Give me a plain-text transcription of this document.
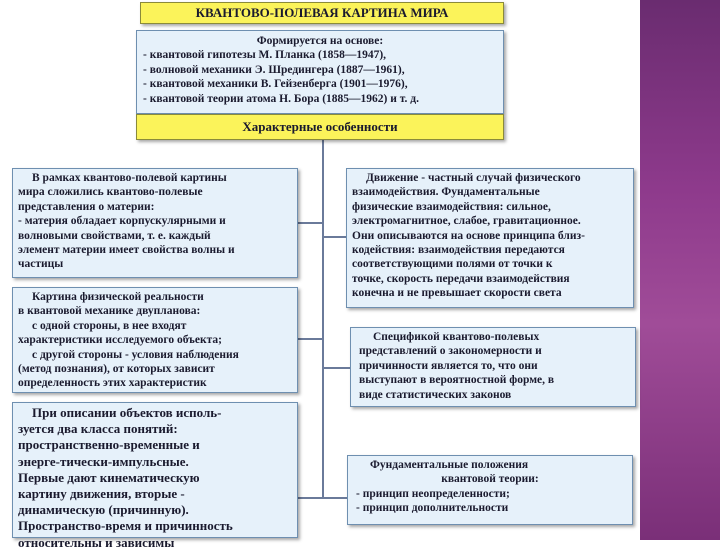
КВАНТОВО-ПОЛЕВАЯ КАРТИНА МИРА
Формируется на основе:
- квантовой гипотезы М. Планка (1858—1947),
- волновой механики Э. Шредингера (1887—1961),
- квантовой механики В. Гейзенберга (1901—1976),
- квантовой теории атома Н. Бора (1885—1962) и т. д.
Характерные особенности
В рамках квантово-полевой картины
мира сложились квантово-полевые
представления о материи:
- материя обладает корпускулярными и
волновыми свойствами, т. е. каждый
элемент материи имеет свойства волны и
частицы
Картина физической реальности
в квантовой механике двупланова:
с одной стороны, в нее входят
характеристики исследуемого объекта;
с другой стороны - условия наблюдения
(метод познания), от которых зависит
определенность этих характеристик
При описании объектов исполь-
зуется два класса понятий:
пространственно-временные и
энерге-тически-импульсные.
Первые дают кинематическую
картину движения, вторые -
динамическую (причинную).
Пространство-время и причинность
относительны и зависимы
Движение - частный случай физического
взаимодействия. Фундаментальные
физические взаимодействия: сильное,
электромагнитное, слабое, гравитационное.
Они описываются на основе принципа близ-
кодействия: взаимодействия передаются
соответствующими полями от точки к
точке, скорость передачи взаимодействия
конечна и не превышает скорости света
Спецификой квантово-полевых
представлений о закономерности и
причинности является то, что они
выступают в вероятностной форме, в
виде статистических законов
Фундаментальные положения
квантовой теории:
- принцип неопределенности;
- принцип дополнительности
